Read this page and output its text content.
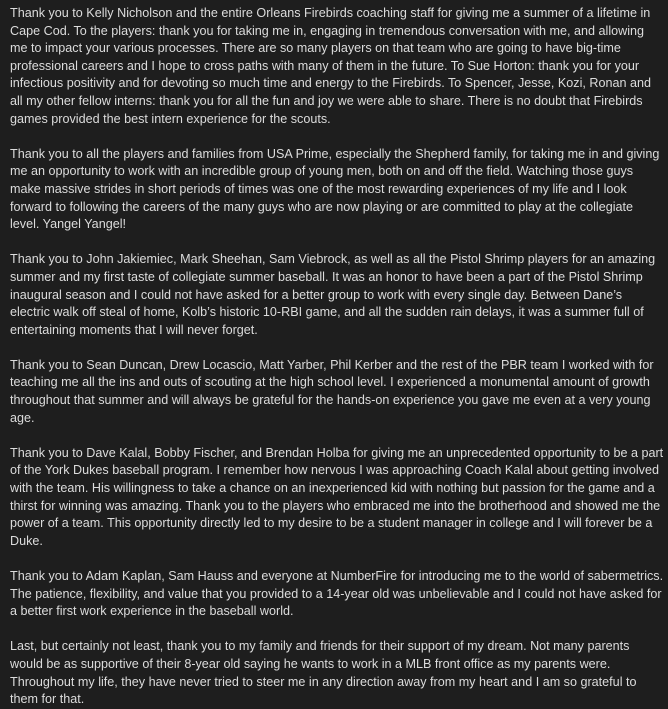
Thank you to Kelly Nicholson and the entire Orleans Firebirds coaching staff for giving me a summer of a lifetime in Cape Cod. To the players: thank you for taking me in, engaging in tremendous conversation with me, and allowing me to impact your various processes. There are so many players on that team who are going to have big-time professional careers and I hope to cross paths with many of them in the future. To Sue Horton: thank you for your infectious positivity and for devoting so much time and energy to the Firebirds. To Spencer, Jesse, Kozi, Ronan and all my other fellow interns: thank you for all the fun and joy we were able to share. There is no doubt that Firebirds games provided the best intern experience for the scouts.

Thank you to all the players and families from USA Prime, especially the Shepherd family, for taking me in and giving me an opportunity to work with an incredible group of young men, both on and off the field. Watching those guys make massive strides in short periods of times was one of the most rewarding experiences of my life and I look forward to following the careers of the many guys who are now playing or are committed to play at the collegiate level. Yangel Yangel!

Thank you to John Jakiemiec, Mark Sheehan, Sam Viebrock, as well as all the Pistol Shrimp players for an amazing summer and my first taste of collegiate summer baseball. It was an honor to have been a part of the Pistol Shrimp inaugural season and I could not have asked for a better group to work with every single day. Between Dane’s electric walk off steal of home, Kolb’s historic 10-RBI game, and all the sudden rain delays, it was a summer full of entertaining moments that I will never forget.

Thank you to Sean Duncan, Drew Locascio, Matt Yarber, Phil Kerber and the rest of the PBR team I worked with for teaching me all the ins and outs of scouting at the high school level. I experienced a monumental amount of growth throughout that summer and will always be grateful for the hands-on experience you gave me even at a very young age.

Thank you to Dave Kalal, Bobby Fischer, and Brendan Holba for giving me an unprecedented opportunity to be a part of the York Dukes baseball program. I remember how nervous I was approaching Coach Kalal about getting involved with the team. His willingness to take a chance on an inexperienced kid with nothing but passion for the game and a thirst for winning was amazing. Thank you to the players who embraced me into the brotherhood and showed me the power of a team. This opportunity directly led to my desire to be a student manager in college and I will forever be a Duke.

Thank you to Adam Kaplan, Sam Hauss and everyone at NumberFire for introducing me to the world of sabermetrics. The patience, flexibility, and value that you provided to a 14-year old was unbelievable and I could not have asked for a better first work experience in the baseball world.

Last, but certainly not least, thank you to my family and friends for their support of my dream. Not many parents would be as supportive of their 8-year old saying he wants to work in a MLB front office as my parents were. Throughout my life, they have never tried to steer me in any direction away from my heart and I am so grateful to them for that.
